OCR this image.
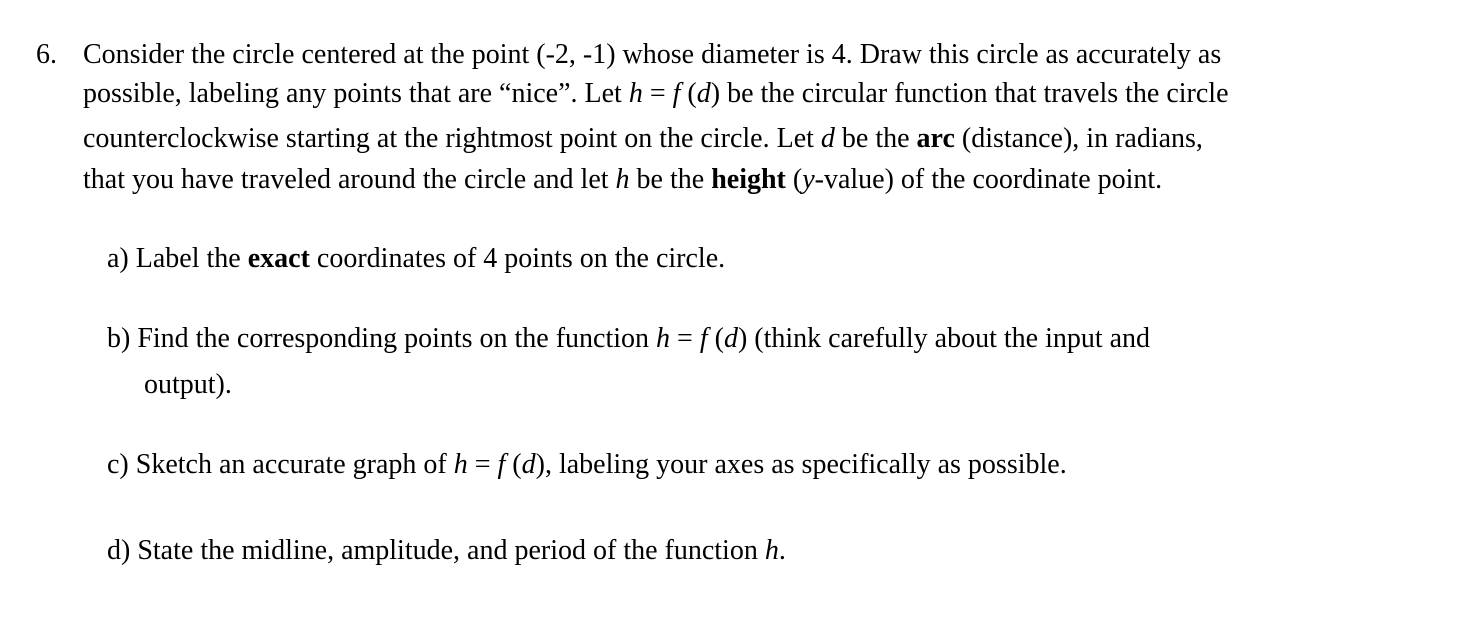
6. Consider the circle centered at the point (-2, -1) whose diameter is 4. Draw this circle as accurately as
possible, labeling any points that are “nice”. Let h = f (d) be the circular function that travels the circle
counterclockwise starting at the rightmost point on the circle. Let d be the arc (distance), in radians,
that you have traveled around the circle and let h be the height (y-value) of the coordinate point.
a) Label the exact coordinates of 4 points on the circle.
b) Find the corresponding points on the function h = f (d) (think carefully about the input and
output).
c) Sketch an accurate graph of h = f (d), labeling your axes as specifically as possible.
d) State the midline, amplitude, and period of the function h.
